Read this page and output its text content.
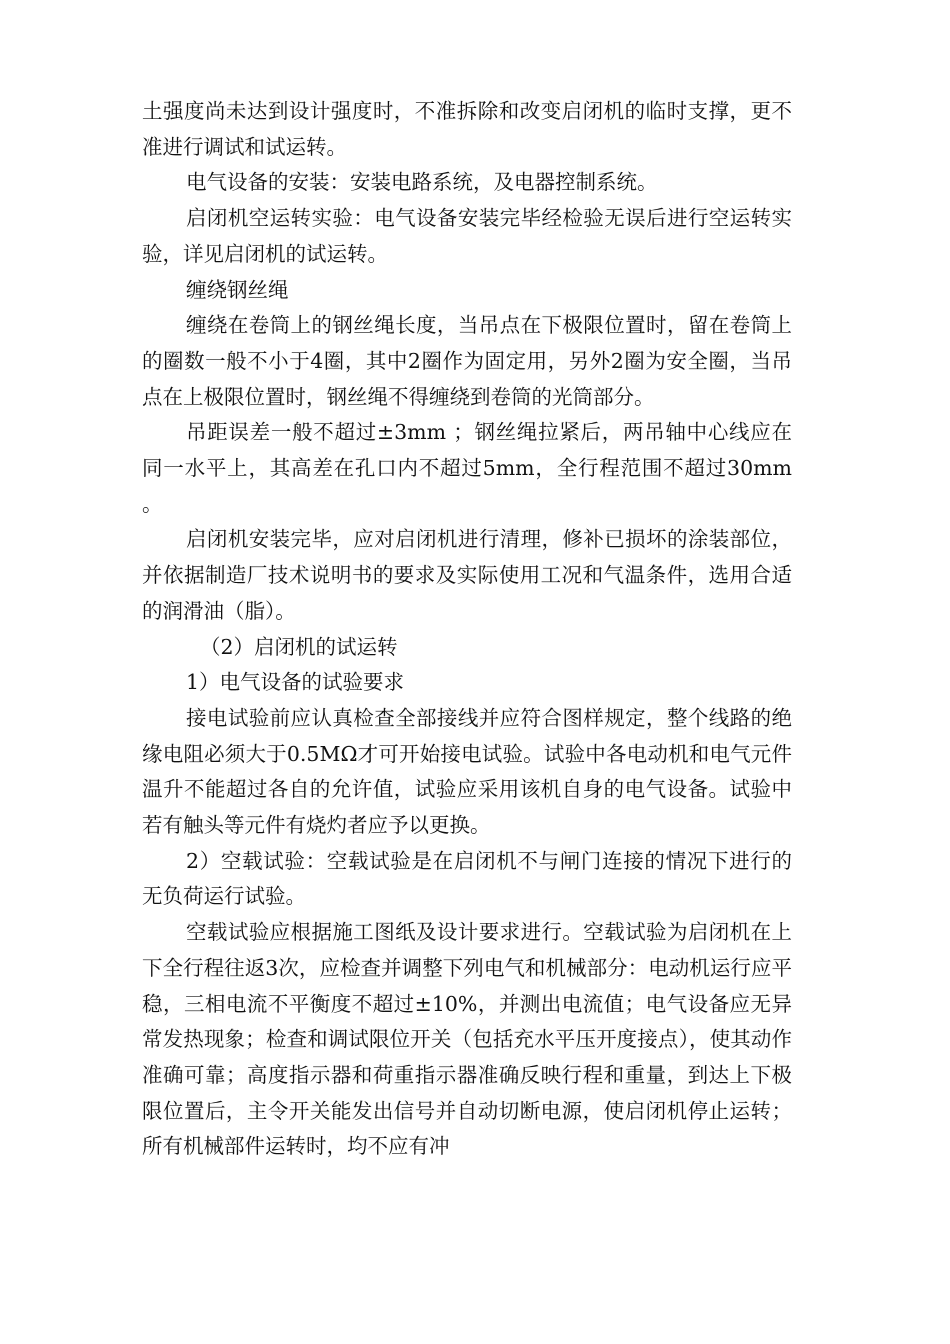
土强度尚未达到设计强度时，不准拆除和改变启闭机的临时支撑，更不准进行调试和试运转。

电气设备的安装：安装电路系统，及电器控制系统。

启闭机空运转实验：电气设备安装完毕经检验无误后进行空运转实验，详见启闭机的试运转。

缠绕钢丝绳

缠绕在卷筒上的钢丝绳长度，当吊点在下极限位置时，留在卷筒上的圈数一般不小于4圈，其中2圈作为固定用，另外2圈为安全圈，当吊点在上极限位置时，钢丝绳不得缠绕到卷筒的光筒部分。

吊距误差一般不超过±3mm ；钢丝绳拉紧后，两吊轴中心线应在同一水平上，其高差在孔口内不超过5mm，全行程范围不超过30mm 。

启闭机安装完毕，应对启闭机进行清理，修补已损坏的涂装部位，并依据制造厂技术说明书的要求及实际使用工况和气温条件，选用合适的润滑油（脂）。

（2）启闭机的试运转

1）电气设备的试验要求

接电试验前应认真检查全部接线并应符合图样规定，整个线路的绝缘电阻必须大于0.5MΩ才可开始接电试验。试验中各电动机和电气元件温升不能超过各自的允许值，试验应采用该机自身的电气设备。试验中若有触头等元件有烧灼者应予以更换。

2）空载试验：空载试验是在启闭机不与闸门连接的情况下进行的无负荷运行试验。

空载试验应根据施工图纸及设计要求进行。空载试验为启闭机在上下全行程往返3次，应检查并调整下列电气和机械部分：电动机运行应平稳，三相电流不平衡度不超过±10%，并测出电流值；电气设备应无异常发热现象；检查和调试限位开关（包括充水平压开度接点），使其动作准确可靠；高度指示器和荷重指示器准确反映行程和重量，到达上下极限位置后，主令开关能发出信号并自动切断电源，使启闭机停止运转；所有机械部件运转时，均不应有冲
